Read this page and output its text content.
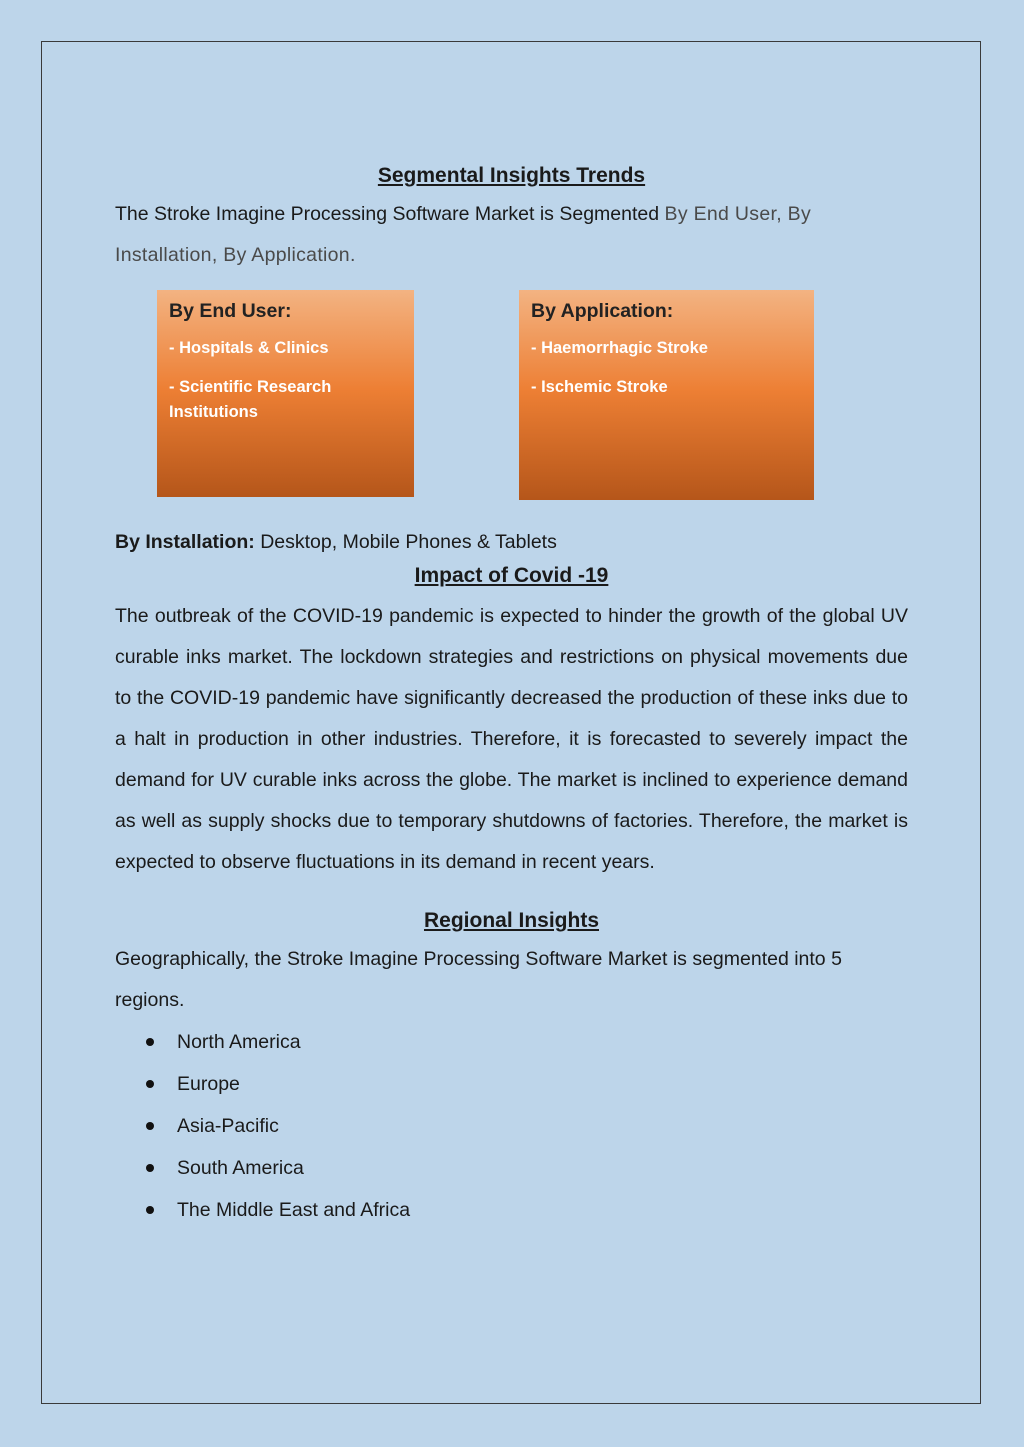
Segmental Insights Trends

The Stroke Imagine Processing Software Market is Segmented By End User, By
Installation, By Application.

By End User:

- Hospitals & Clinics

- Scientific Research Institutions

By Application:

- Haemorrhagic Stroke

- Ischemic Stroke

By Installation: Desktop, Mobile Phones & Tablets

Impact of Covid -19

The outbreak of the COVID-19 pandemic is expected to hinder the growth of the global UV curable inks market. The lockdown strategies and restrictions on physical movements due to the COVID-19 pandemic have significantly decreased the production of these inks due to a halt in production in other industries. Therefore, it is forecasted to severely impact the demand for UV curable inks across the globe. The market is inclined to experience demand as well as supply shocks due to temporary shutdowns of factories. Therefore, the market is expected to observe fluctuations in its demand in recent years.

Regional Insights

Geographically, the Stroke Imagine Processing Software Market is segmented into 5 regions.

North America
Europe
Asia-Pacific
South America
The Middle East and Africa
